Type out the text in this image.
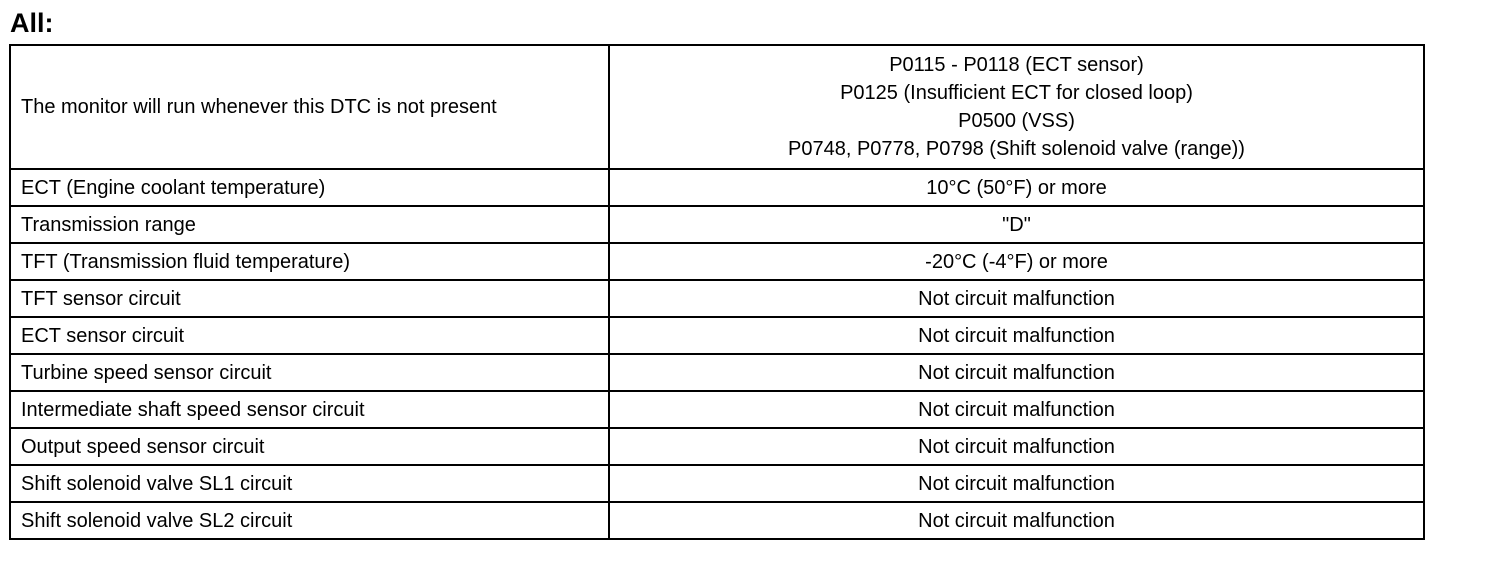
All:
The monitor will run whenever this DTC is not present	P0115 - P0118 (ECT sensor)
P0125 (Insufficient ECT for closed loop)
P0500 (VSS)
P0748, P0778, P0798 (Shift solenoid valve (range))

ECT (Engine coolant temperature)	10°C (50°F) or more
Transmission range	"D"
TFT (Transmission fluid temperature)	-20°C (-4°F) or more
TFT sensor circuit	Not circuit malfunction
ECT sensor circuit	Not circuit malfunction
Turbine speed sensor circuit	Not circuit malfunction
Intermediate shaft speed sensor circuit	Not circuit malfunction
Output speed sensor circuit	Not circuit malfunction
Shift solenoid valve SL1 circuit	Not circuit malfunction
Shift solenoid valve SL2 circuit	Not circuit malfunction
